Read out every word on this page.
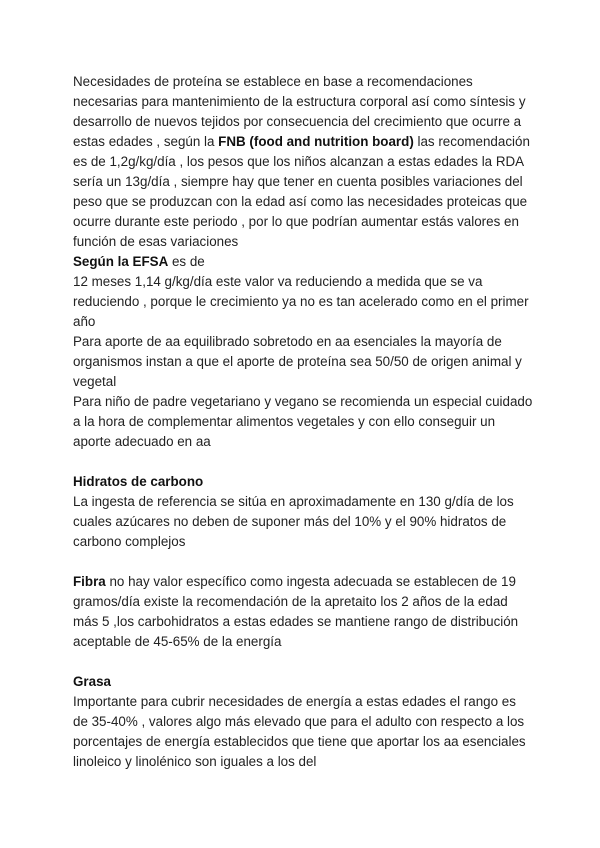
Necesidades de proteína se establece en base a recomendaciones necesarias para mantenimiento de la estructura corporal así como síntesis y desarrollo de nuevos tejidos por consecuencia del crecimiento que ocurre a estas edades , según la FNB (food and nutrition board) las recomendación es de 1,2g/kg/día , los pesos que los niños alcanzan a estas edades la RDA sería un 13g/día , siempre hay que tener en cuenta posibles variaciones del peso que se produzcan con la edad así como las necesidades proteicas que ocurre durante este periodo , por lo que podrían aumentar estás valores en función de esas variaciones

Según la EFSA es de

12 meses 1,14 g/kg/día este valor va reduciendo a medida que se va reduciendo , porque le crecimiento ya no es tan acelerado como en el primer año

Para aporte de aa equilibrado sobretodo en aa esenciales la mayoría de organismos instan a que el aporte de proteína sea 50/50 de origen animal y vegetal

Para niño de padre vegetariano y vegano se recomienda un especial cuidado a la hora de complementar alimentos vegetales y con ello conseguir un aporte adecuado en aa

Hidratos de carbono

La ingesta de referencia se sitúa en aproximadamente en 130 g/día de los cuales azúcares no deben de suponer más del 10% y el 90% hidratos de carbono complejos

Fibra no hay valor específico como ingesta adecuada se establecen de 19 gramos/día existe la recomendación de la apretaito los 2 años de la edad más 5 ,los carbohidratos a estas edades se mantiene rango de distribución aceptable de 45-65% de la energía

Grasa

Importante para cubrir necesidades de energía a estas edades el rango es de 35-40% , valores algo más elevado que para el adulto con respecto a los porcentajes de energía establecidos que tiene que aportar los aa esenciales linoleico y linolénico son iguales a los del
